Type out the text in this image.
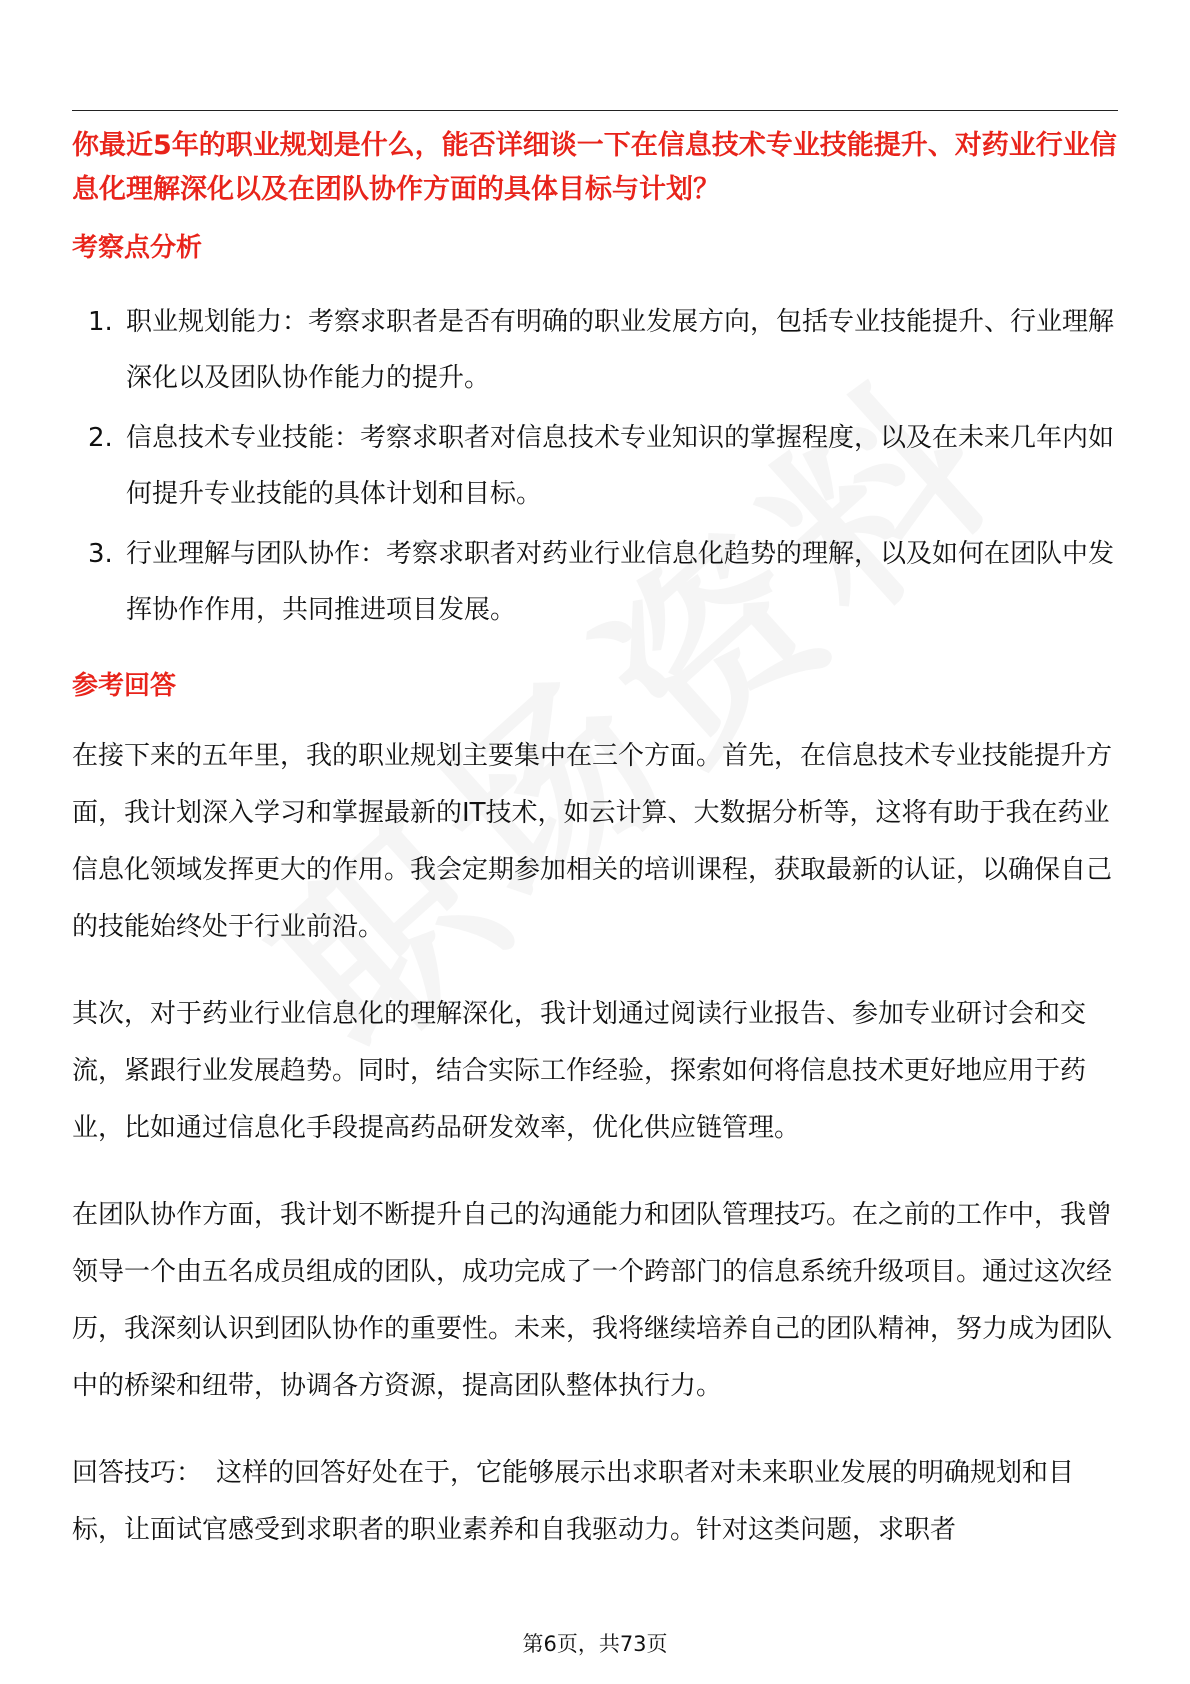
你最近5年的职业规划是什么，能否详细谈一下在信息技术专业技能提升、对药业行业信息化理解深化以及在团队协作方面的具体目标与计划？

考察点分析
1. 职业规划能力：考察求职者是否有明确的职业发展方向，包括专业技能提升、行业理解深化以及团队协作能力的提升。
2. 信息技术专业技能：考察求职者对信息技术专业知识的掌握程度，以及在未来几年内如何提升专业技能的具体计划和目标。
3. 行业理解与团队协作：考察求职者对药业行业信息化趋势的理解，以及如何在团队中发挥协作作用，共同推进项目发展。
参考回答

在接下来的五年里，我的职业规划主要集中在三个方面。首先，在信息技术专业技能提升方面，我计划深入学习和掌握最新的IT技术，如云计算、大数据分析等，这将有助于我在药业信息化领域发挥更大的作用。我会定期参加相关的培训课程，获取最新的认证，以确保自己的技能始终处于行业前沿。

其次，对于药业行业信息化的理解深化，我计划通过阅读行业报告、参加专业研讨会和交流，紧跟行业发展趋势。同时，结合实际工作经验，探索如何将信息技术更好地应用于药业，比如通过信息化手段提高药品研发效率，优化供应链管理。

在团队协作方面，我计划不断提升自己的沟通能力和团队管理技巧。在之前的工作中，我曾领导一个由五名成员组成的团队，成功完成了一个跨部门的信息系统升级项目。通过这次经历，我深刻认识到团队协作的重要性。未来，我将继续培养自己的团队精神，努力成为团队中的桥梁和纽带，协调各方资源，提高团队整体执行力。

回答技巧： 这样的回答好处在于，它能够展示出求职者对未来职业发展的明确规划和目标，让面试官感受到求职者的职业素养和自我驱动力。针对这类问题，求职者

第6页，共73页
